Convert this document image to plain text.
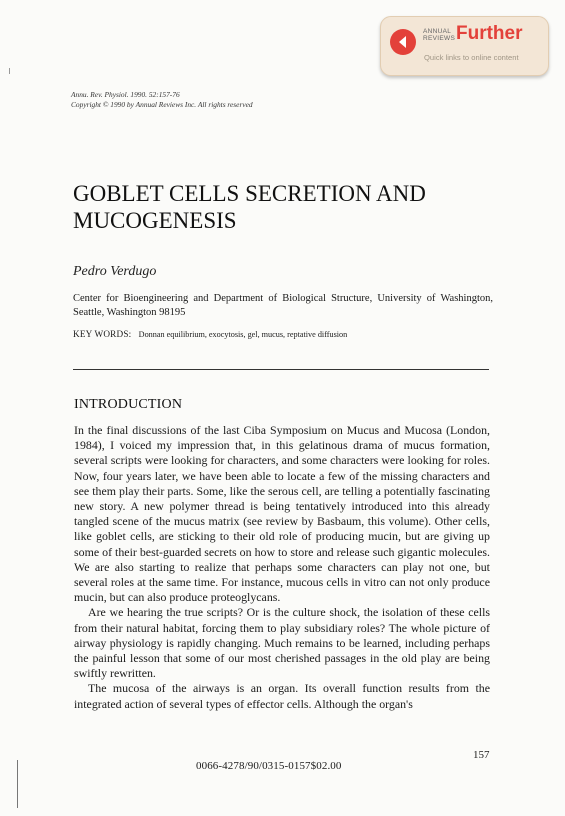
ANNUAL
REVIEWS Further
Quick links to online content
Annu. Rev. Physiol. 1990. 52:157-76
Copyright © 1990 by Annual Reviews Inc. All rights reserved
GOBLET CELLS SECRETION AND
MUCOGENESIS
Pedro Verdugo
Center for Bioengineering and Department of Biological Structure, University of Washington, Seattle, Washington 98195
KEY WORDS: Donnan equilibrium, exocytosis, gel, mucus, reptative diffusion
INTRODUCTION

In the final discussions of the last Ciba Symposium on Mucus and Mucosa (London, 1984), I voiced my impression that, in this gelatinous drama of mucus formation, several scripts were looking for characters, and some characters were looking for roles. Now, four years later, we have been able to locate a few of the missing characters and see them play their parts. Some, like the serous cell, are telling a potentially fascinating new story. A new polymer thread is being tentatively introduced into this already tangled scene of the mucus matrix (see review by Basbaum, this volume). Other cells, like goblet cells, are sticking to their old role of producing mucin, but are giving up some of their best-guarded secrets on how to store and release such gigantic molecules. We are also starting to realize that perhaps some characters can play not one, but several roles at the same time. For instance, mucous cells in vitro can not only produce mucin, but can also produce proteoglycans.

Are we hearing the true scripts? Or is the culture shock, the isolation of these cells from their natural habitat, forcing them to play subsidiary roles? The whole picture of airway physiology is rapidly changing. Much remains to be learned, including perhaps the painful lesson that some of our most cherished passages in the old play are being swiftly rewritten.

The mucosa of the airways is an organ. Its overall function results from the integrated action of several types of effector cells. Although the organ's

157
0066-4278/90/0315-0157$02.00
